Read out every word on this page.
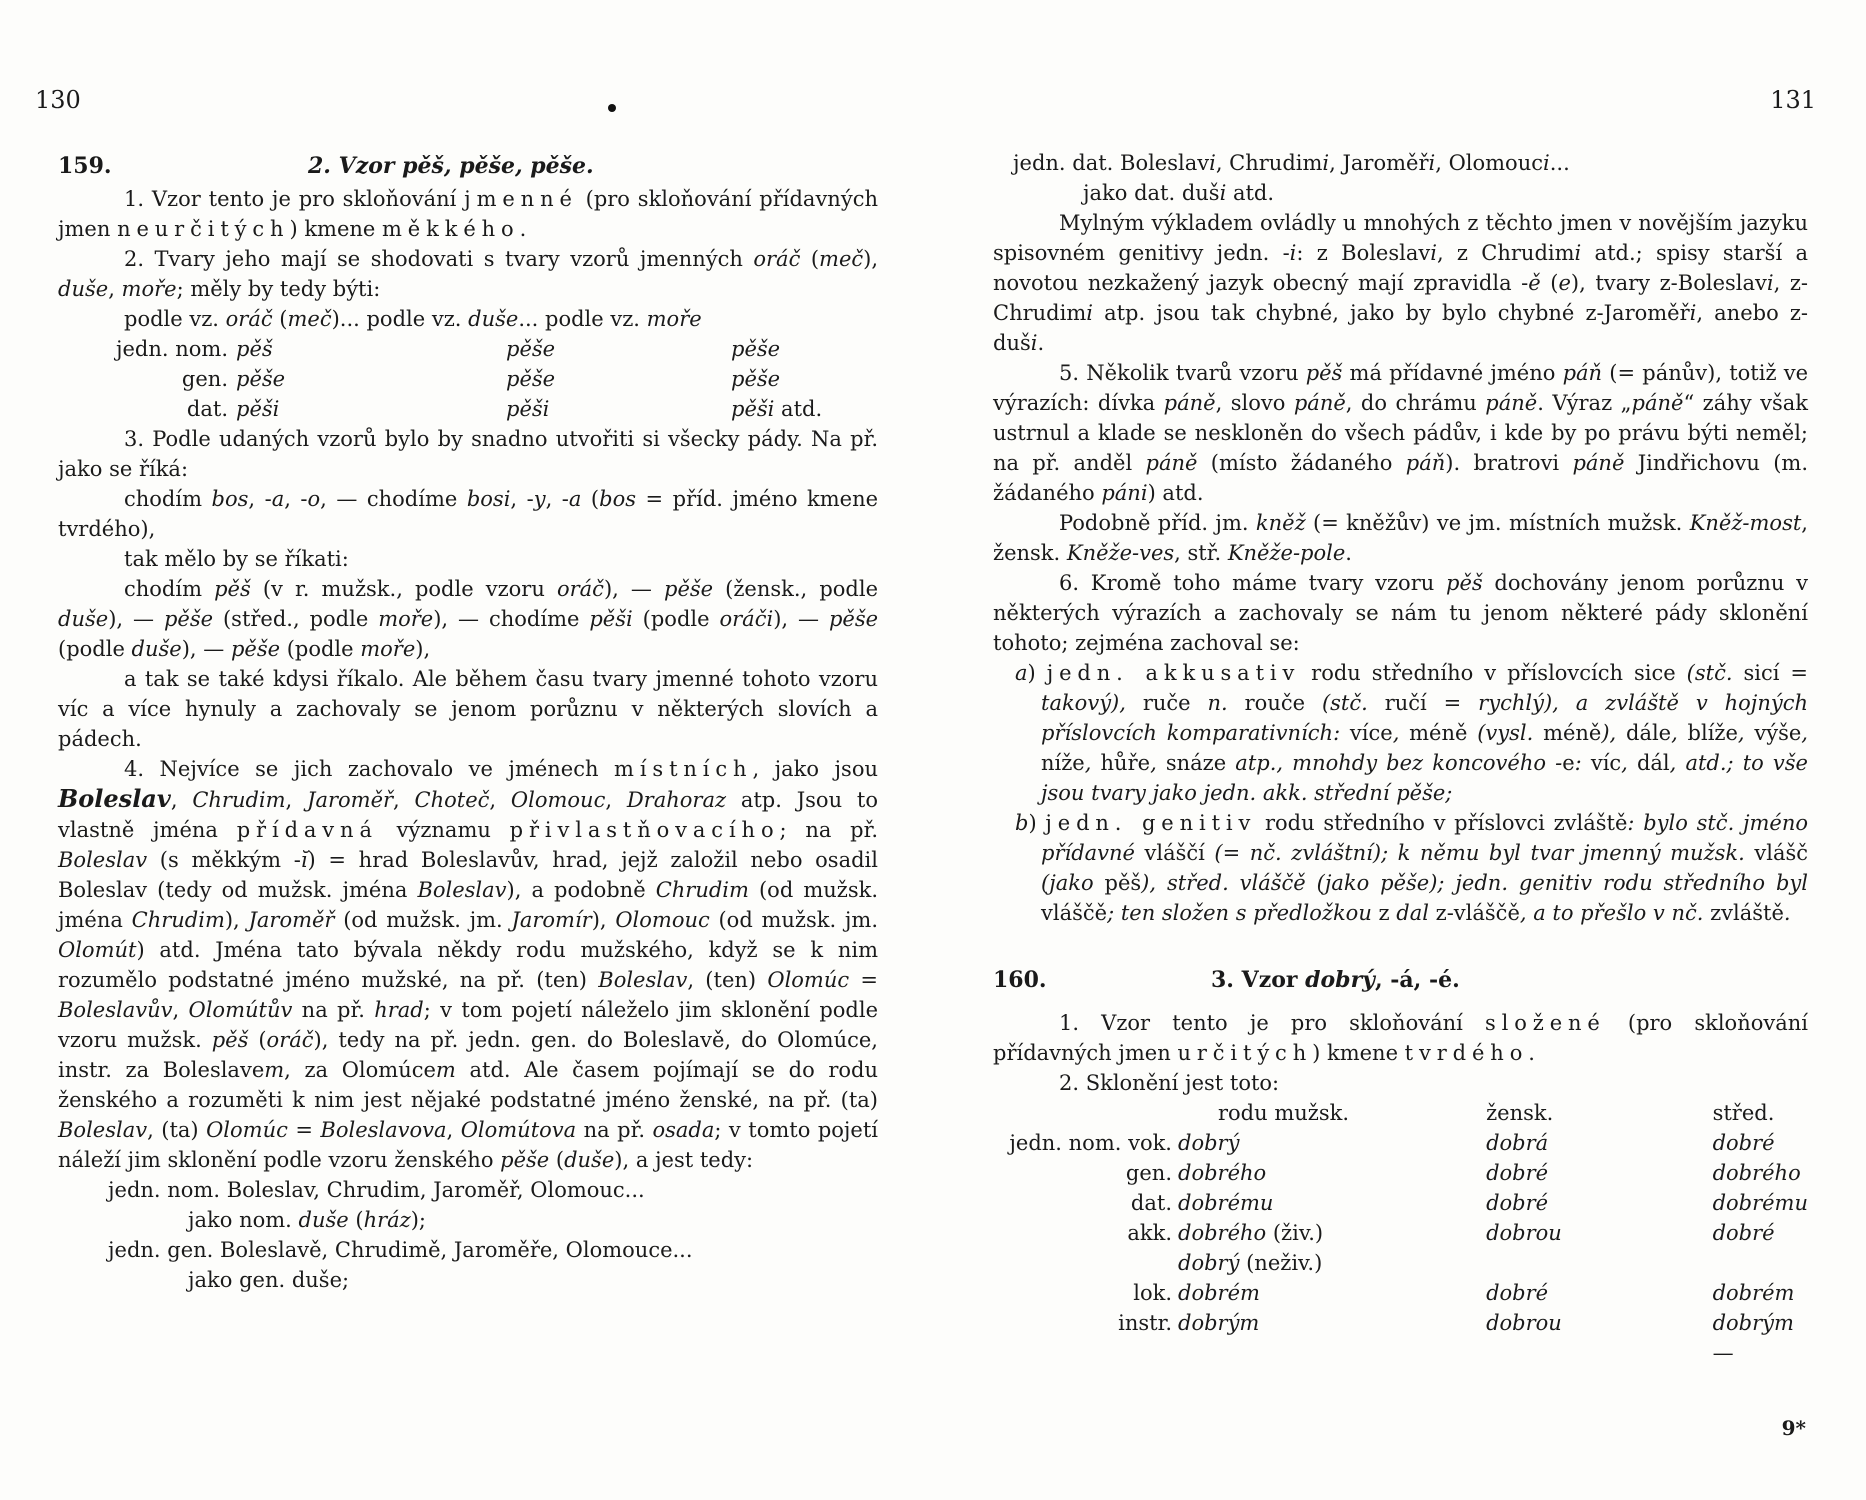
130
159.	2. Vzor pěš, pěše, pěše.

1. Vzor tento je pro skloňování jmenné (pro skloňování přídavných jmen neurčitých) kmene měkkého.

2. Tvary jeho mají se shodovati s tvary vzorů jmenných oráč (meč), duše, moře; měly by tedy býti:

podle vz. oráč (meč)... podle vz. duše... podle vz. moře
jedn. nom.	pěš	pěše	pěše
gen.	pěše	pěše	pěše
dat.	pěši	pěši	pěši atd.

3. Podle udaných vzorů bylo by snadno utvořiti si všecky pády. Na př. jako se říká:

chodím bos, -a, -o, — chodíme bosi, -y, -a (bos = příd. jméno kmene tvrdého),

tak mělo by se říkati:

chodím pěš (v r. mužsk., podle vzoru oráč), — pěše (žensk., podle duše), — pěše (střed., podle moře), — chodíme pěši (podle oráči), — pěše (podle duše), — pěše (podle moře),

a tak se také kdysi říkalo. Ale během času tvary jmenné tohoto vzoru víc a více hynuly a zachovaly se jenom porůznu v některých slovích a pádech.

4. Nejvíce se jich zachovalo ve jménech místních, jako jsou Boleslav, Chrudim, Jaroměř, Choteč, Olomouc, Drahoraz atp. Jsou to vlastně jména přídavná významu přivlastňovacího; na př. Boleslav (s měkkým -ı̆) = hrad Boleslavův, hrad, jejž založil nebo osadil Boleslav (tedy od mužsk. jména Boleslav), a podobně Chrudim (od mužsk. jména Chrudim), Jaroměř (od mužsk. jm. Jaromír), Olomouc (od mužsk. jm. Olomút) atd. Jména tato bývala někdy rodu mužského, když se k nim rozumělo podstatné jméno mužské, na př. (ten) Boleslav, (ten) Olomúc = Boleslavův, Olomútův na př. hrad; v tom pojetí náleželo jim sklonění podle vzoru mužsk. pěš (oráč), tedy na př. jedn. gen. do Boleslavě, do Olomúce, instr. za Boleslavem, za Olomúcem atd. Ale časem pojímají se do rodu ženského a rozuměti k nim jest nějaké podstatné jméno ženské, na př. (ta) Boleslav, (ta) Olomúc = Boleslavova, Olomútova na př. osada; v tomto pojetí náleží jim sklonění podle vzoru ženského pěše (duše), a jest tedy:

jedn. nom. Boleslav, Chrudim, Jaroměř, Olomouc...
jako nom. duše (hráz);
jedn. gen. Boleslavě, Chrudimě, Jaroměře, Olomouce...
jako gen. duše;
131
jedn. dat. Boleslavi, Chrudimi, Jaroměři, Olomouci...
jako dat. duši atd.

Mylným výkladem ovládly u mnohých z těchto jmen v novějším jazyku spisovném genitivy jedn. -i: z Boleslavi, z Chrudimi atd.; spisy starší a novotou nezkažený jazyk obecný mají zpravidla -ě (e), tvary z-Boleslavi, z-Chrudimi atp. jsou tak chybné, jako by bylo chybné z-Jaroměři, anebo z-duši.

5. Několik tvarů vzoru pěš má přídavné jméno páň (= pánův), totiž ve výrazích: dívka páně, slovo páně, do chrámu páně. Výraz „páně“ záhy však ustrnul a klade se neskloněn do všech pádův, i kde by po právu býti neměl; na př. anděl páně (místo žádaného páň). bratrovi páně Jindřichovu (m. žádaného páni) atd.

Podobně příd. jm. kněž (= kněžův) ve jm. místních mužsk. Kněž-most, žensk. Kněže-ves, stř. Kněže-pole.

6. Kromě toho máme tvary vzoru pěš dochovány jenom porůznu v některých výrazích a zachovaly se nám tu jenom některé pády sklonění tohoto; zejména zachoval se:

a) jedn. akkusativ rodu středního v příslovcích sice (stč. sicí = takový), ruče n. rouče (stč. ručí = rychlý), a zvláště v hojných příslovcích komparativních: více, méně (vysl. méně), dále, blíže, výše, níže, hůře, snáze atp., mnohdy bez koncového -e: víc, dál, atd.; to vše jsou tvary jako jedn. akk. střední pěše;

b) jedn. genitiv rodu středního v příslovci zvláště: bylo stč. jméno přídavné vláščí (= nč. zvláštní); k němu byl tvar jmenný mužsk. vlášč (jako pěš), střed. vláščě (jako pěše); jedn. genitiv rodu středního byl vláščě; ten složen s předložkou z dal z-vláščě, a to přešlo v nč. zvláště.

160.	3. Vzor dobrý, -á, -é.

1. Vzor tento je pro skloňování složené (pro skloňování přídavných jmen určitých) kmene tvrdého.

2. Sklonění jest toto:

	rodu mužsk.	žensk.	střed.
jedn. nom. vok.	dobrý	dobrá	dobré
gen.	dobrého	dobré	dobrého
dat.	dobrému	dobré	dobrému
akk.	dobrého (živ.)	dobrou	dobré
	dobrý (neživ.)		
lok.	dobrém	dobré	dobrém
instr.	dobrým	dobrou	dobrým —
9*
